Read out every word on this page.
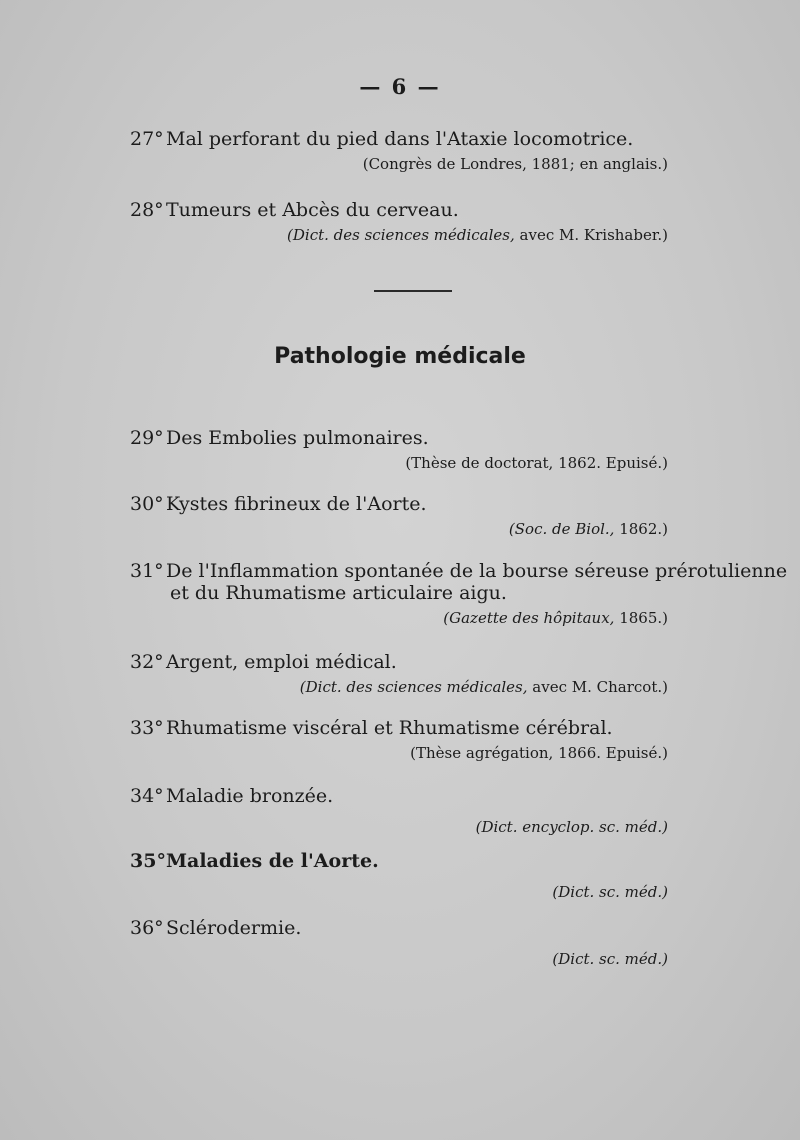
— 6 —
27° Mal perforant du pied dans l'Ataxie locomotrice.
(Congrès de Londres, 1881; en anglais.)
28° Tumeurs et Abcès du cerveau.
(Dict. des sciences médicales, avec M. Krishaber.)
Pathologie médicale
29° Des Embolies pulmonaires.
(Thèse de doctorat, 1862. Epuisé.)
30° Kystes fibrineux de l'Aorte.
(Soc. de Biol., 1862.)
31° De l'Inflammation spontanée de la bourse séreuse prérotulienne
et du Rhumatisme articulaire aigu.
(Gazette des hôpitaux, 1865.)
32° Argent, emploi médical.
(Dict. des sciences médicales, avec M. Charcot.)
33° Rhumatisme viscéral et Rhumatisme cérébral.
(Thèse agrégation, 1866. Epuisé.)
34° Maladie bronzée.
(Dict. encyclop. sc. méd.)
35°Maladies de l'Aorte.
(Dict. sc. méd.)
36° Sclérodermie.
(Dict. sc. méd.)
